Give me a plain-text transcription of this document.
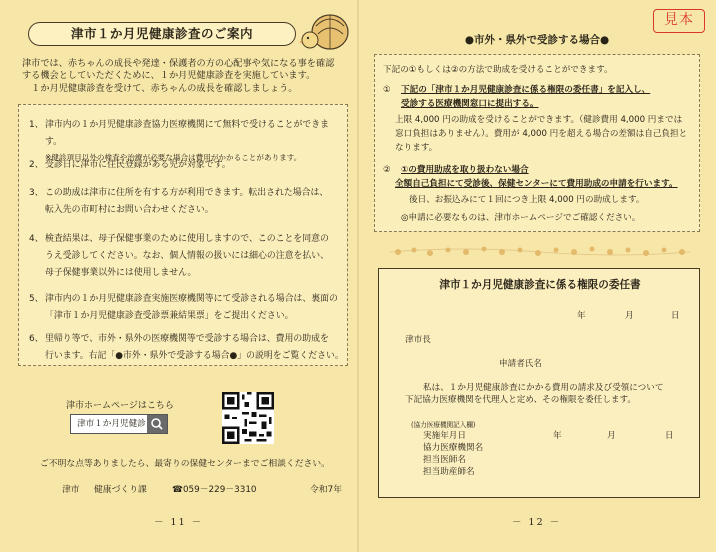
津市１か月児健康診査のご案内

津市では、赤ちゃんの成長や発達・保護者の方の心配事や気になる事を確認

する機会としていただくために、１か月児健康診査を実施しています。

　１か月児健康診査を受けて、赤ちゃんの成長を確認しましょう。

1、 津市内の１か月児健康診査協力医療機関にて無料で受けることができます。
※健診項目以外の検査や治療が必要な場合は費用がかかることがあります。
2、 受診日に津市に住民登録がある児が対象です。
3、 この助成は津市に住所を有する方が利用できます。転出された場合は、
転入先の市町村にお問い合わせください。
4、 検査結果は、母子保健事業のために使用しますので、このことを同意の
うえ受診してください。なお、個人情報の扱いには細心の注意を払い、
母子保健事業以外には使用しません。
5、 津市内の１か月児健康診査実施医療機関等にて受診される場合は、裏面の
「津市１か月児健康診査受診票兼結果票」をご提出ください。
6、 里帰り等で、市外・県外の医療機関等で受診する場合は、費用の助成を
行います。右記「●市外・県外で受診する場合●」の説明をご覧ください。
津市ホームページはこちら
津市１か月児健診
ご不明な点等ありましたら、最寄りの保健センターまでご相談ください。
津市 健康づくり課	☎059－229－3310	令和7年
－ 11 －
見本
●市外・県外で受診する場合●
下記の①もしくは②の方法で助成を受けることができます。
① 下記の「津市１か月児健康診査に係る権限の委任書」を記入し、
受診する医療機関窓口に提出する。
上限 4,000 円の助成を受けることができます。（健診費用 4,000 円までは
窓口負担はありません）。費用が 4,000 円を超える場合の差額は自己負担と
なります。
② ①の費用助成を取り扱わない場合
全額自己負担にて受診後、保健センターにて費用助成の申請を行います。
後日、お振込みにて１回につき上限 4,000 円の助成します。
◎申請に必要なものは、津市ホームページでご確認ください。
津市１か月児健康診査に係る権限の委任書
年	月	日
津市長
申請者氏名
私は、１か月児健康診査にかかる費用の請求及び受領について
下記協力医療機関を代理人と定め、その権限を委任します。
(協力医療機関記入欄)
実施年月日	年	月	日
協力医療機関名
担当医師名
担当助産師名
－ 12 －
